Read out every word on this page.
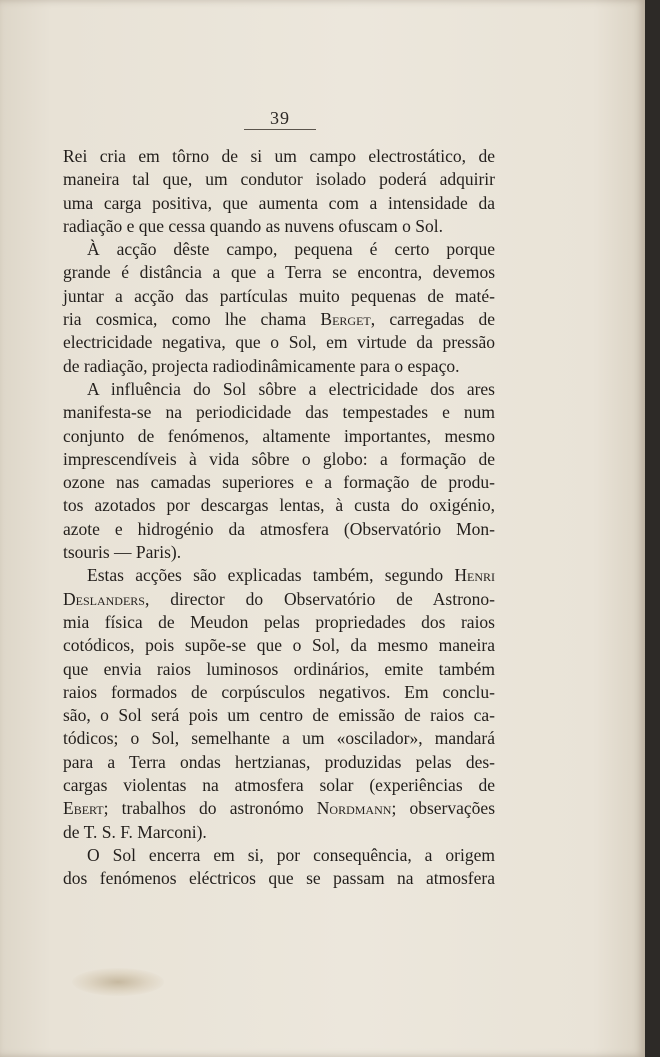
39
Rei cria em tôrno de si um campo electrostático, de
maneira tal que, um condutor isolado poderá adquirir
uma carga positiva, que aumenta com a intensidade da
radiação e que cessa quando as nuvens ofuscam o Sol.
À acção dêste campo, pequena é certo porque
grande é distância a que a Terra se encontra, devemos
juntar a acção das partículas muito pequenas de maté-
ria cosmica, como lhe chama Berget, carregadas de
electricidade negativa, que o Sol, em virtude da pressão
de radiação, projecta radiodinâmicamente para o espaço.
A influência do Sol sôbre a electricidade dos ares
manifesta-se na periodicidade das tempestades e num
conjunto de fenómenos, altamente importantes, mesmo
imprescendíveis à vida sôbre o globo: a formação de
ozone nas camadas superiores e a formação de produ-
tos azotados por descargas lentas, à custa do oxigénio,
azote e hidrogénio da atmosfera (Observatório Mon-
tsouris — Paris).
Estas acções são explicadas também, segundo Henri
Deslanders, director do Observatório de Astrono-
mia física de Meudon pelas propriedades dos raios
cotódicos, pois supõe-se que o Sol, da mesmo maneira
que envia raios luminosos ordinários, emite também
raios formados de corpúsculos negativos. Em conclu-
são, o Sol será pois um centro de emissão de raios ca-
tódicos; o Sol, semelhante a um «oscilador», mandará
para a Terra ondas hertzianas, produzidas pelas des-
cargas violentas na atmosfera solar (experiências de
Ebert; trabalhos do astronómo Nordmann; observações
de T. S. F. Marconi).
O Sol encerra em si, por consequência, a origem
dos fenómenos eléctricos que se passam na atmosfera
